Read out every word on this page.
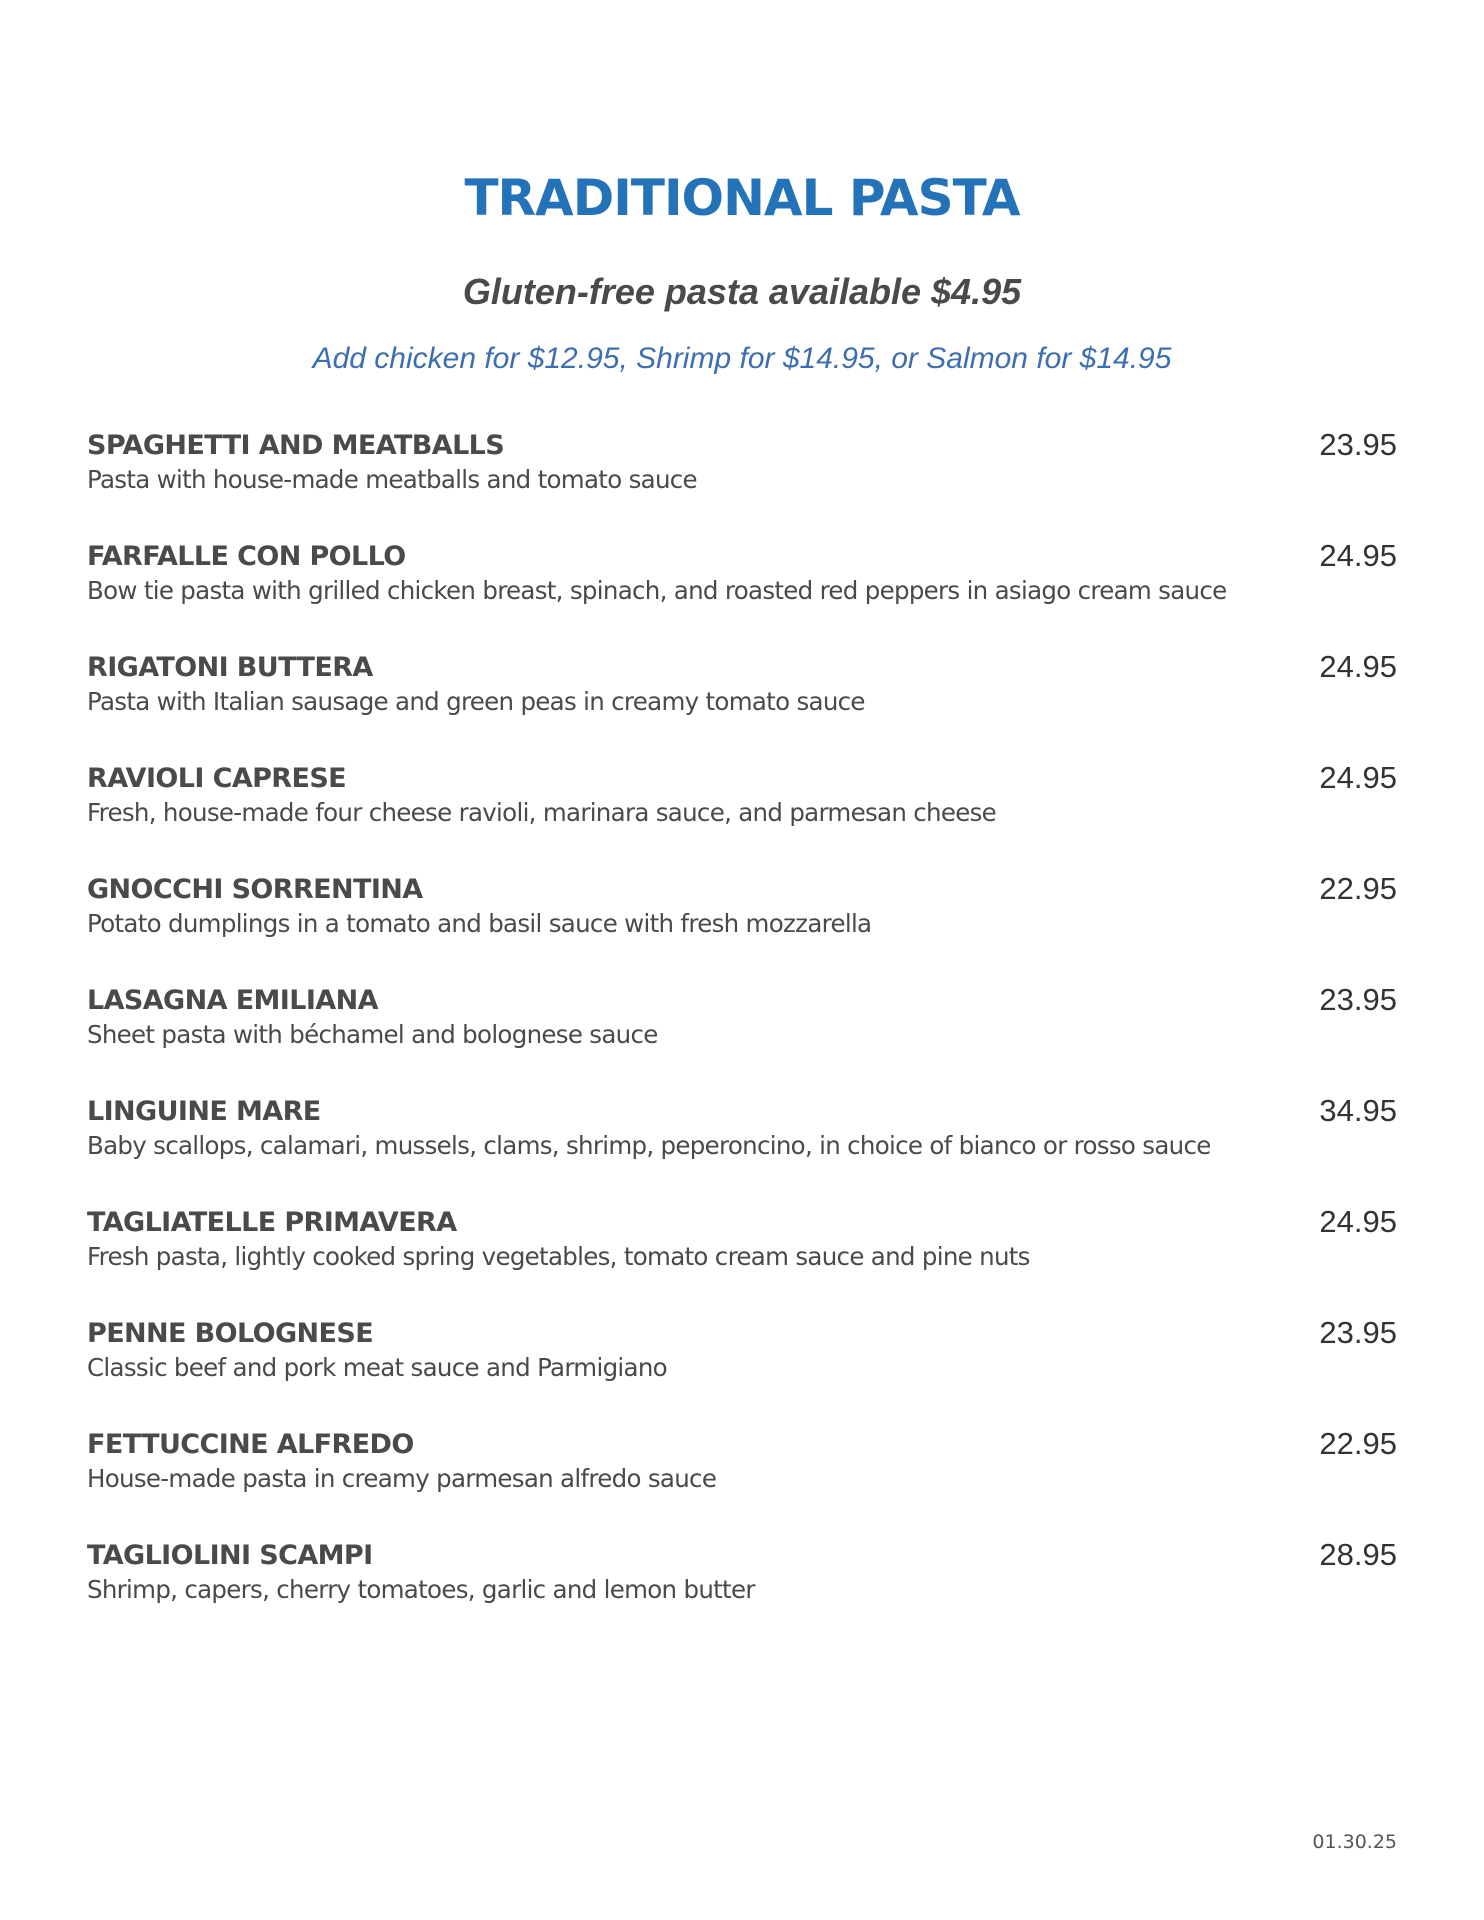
TRADITIONAL PASTA
Gluten-free pasta available $4.95
Add chicken for $12.95, Shrimp for $14.95, or Salmon for $14.95
SPAGHETTI AND MEATBALLS
Pasta with house-made meatballs and tomato sauce
23.95
FARFALLE CON POLLO
Bow tie pasta with grilled chicken breast, spinach, and roasted red peppers in asiago cream sauce
24.95
RIGATONI BUTTERA
Pasta with Italian sausage and green peas in creamy tomato sauce
24.95
RAVIOLI CAPRESE
Fresh, house-made four cheese ravioli, marinara sauce, and parmesan cheese
24.95
GNOCCHI SORRENTINA
Potato dumplings in a tomato and basil sauce with fresh mozzarella
22.95
LASAGNA EMILIANA
Sheet pasta with béchamel and bolognese sauce
23.95
LINGUINE MARE
Baby scallops, calamari, mussels, clams, shrimp, peperoncino, in choice of bianco or rosso sauce
34.95
TAGLIATELLE PRIMAVERA
Fresh pasta, lightly cooked spring vegetables, tomato cream sauce and pine nuts
24.95
PENNE BOLOGNESE
Classic beef and pork meat sauce and Parmigiano
23.95
FETTUCCINE ALFREDO
House-made pasta in creamy parmesan alfredo sauce
22.95
TAGLIOLINI SCAMPI
Shrimp, capers, cherry tomatoes, garlic and lemon butter
28.95
01.30.25
